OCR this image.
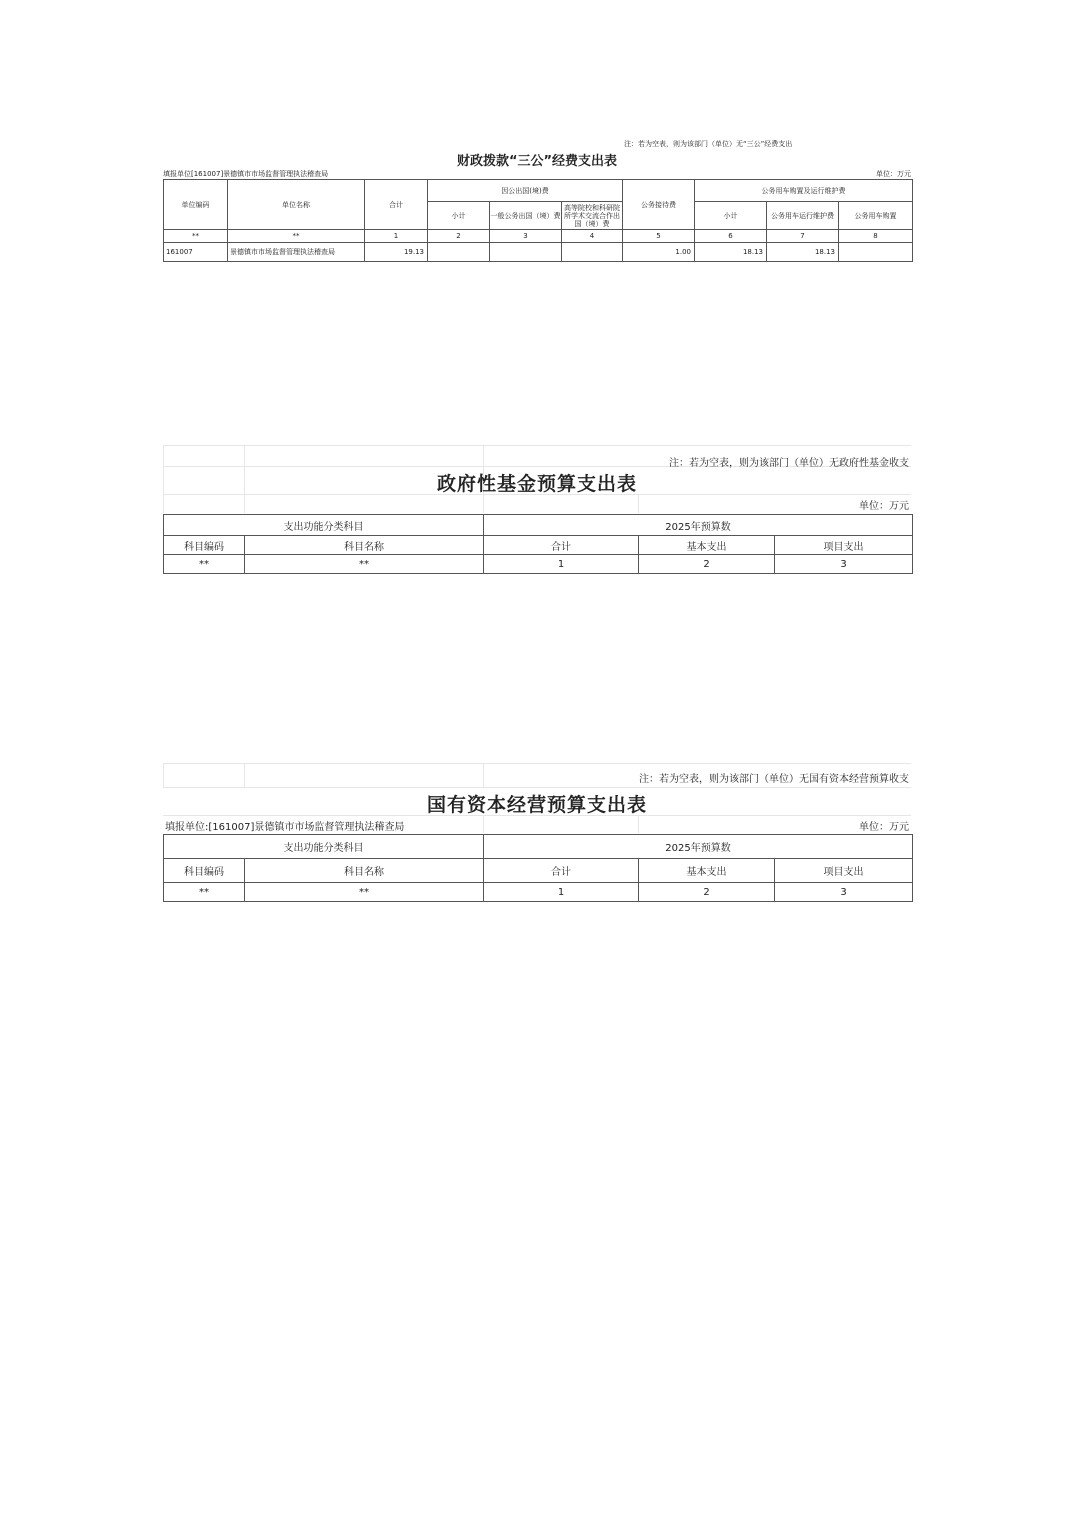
注：若为空表，则为该部门（单位）无“三公”经费支出
财政拨款“三公”经费支出表
填报单位[161007]景德镇市市场监督管理执法稽查局	单位：万元
单位编码	单位名称	合计	因公出国(境)费			公务接待费	公务用车购置及运行维护费		
			小计	一般公务出国（境）费	高等院校和科研院所学术交流合作出国（境）费		小计	公务用车运行维护费	公务用车购置
**	**	1	2	3	4	5	6	7	8
161007	景德镇市市场监督管理执法稽查局	19.13				1.00	18.13	18.13	
注：若为空表，则为该部门（单位）无政府性基金收支
政府性基金预算支出表
单位：万元
支出功能分类科目		2025年预算数		
科目编码	科目名称	合计	基本支出	项目支出
**	**	1	2	3
注：若为空表，则为该部门（单位）无国有资本经营预算收支
国有资本经营预算支出表
填报单位:[161007]景德镇市市场监督管理执法稽查局	单位：万元
支出功能分类科目		2025年预算数		
科目编码	科目名称	合计	基本支出	项目支出
**	**	1	2	3
